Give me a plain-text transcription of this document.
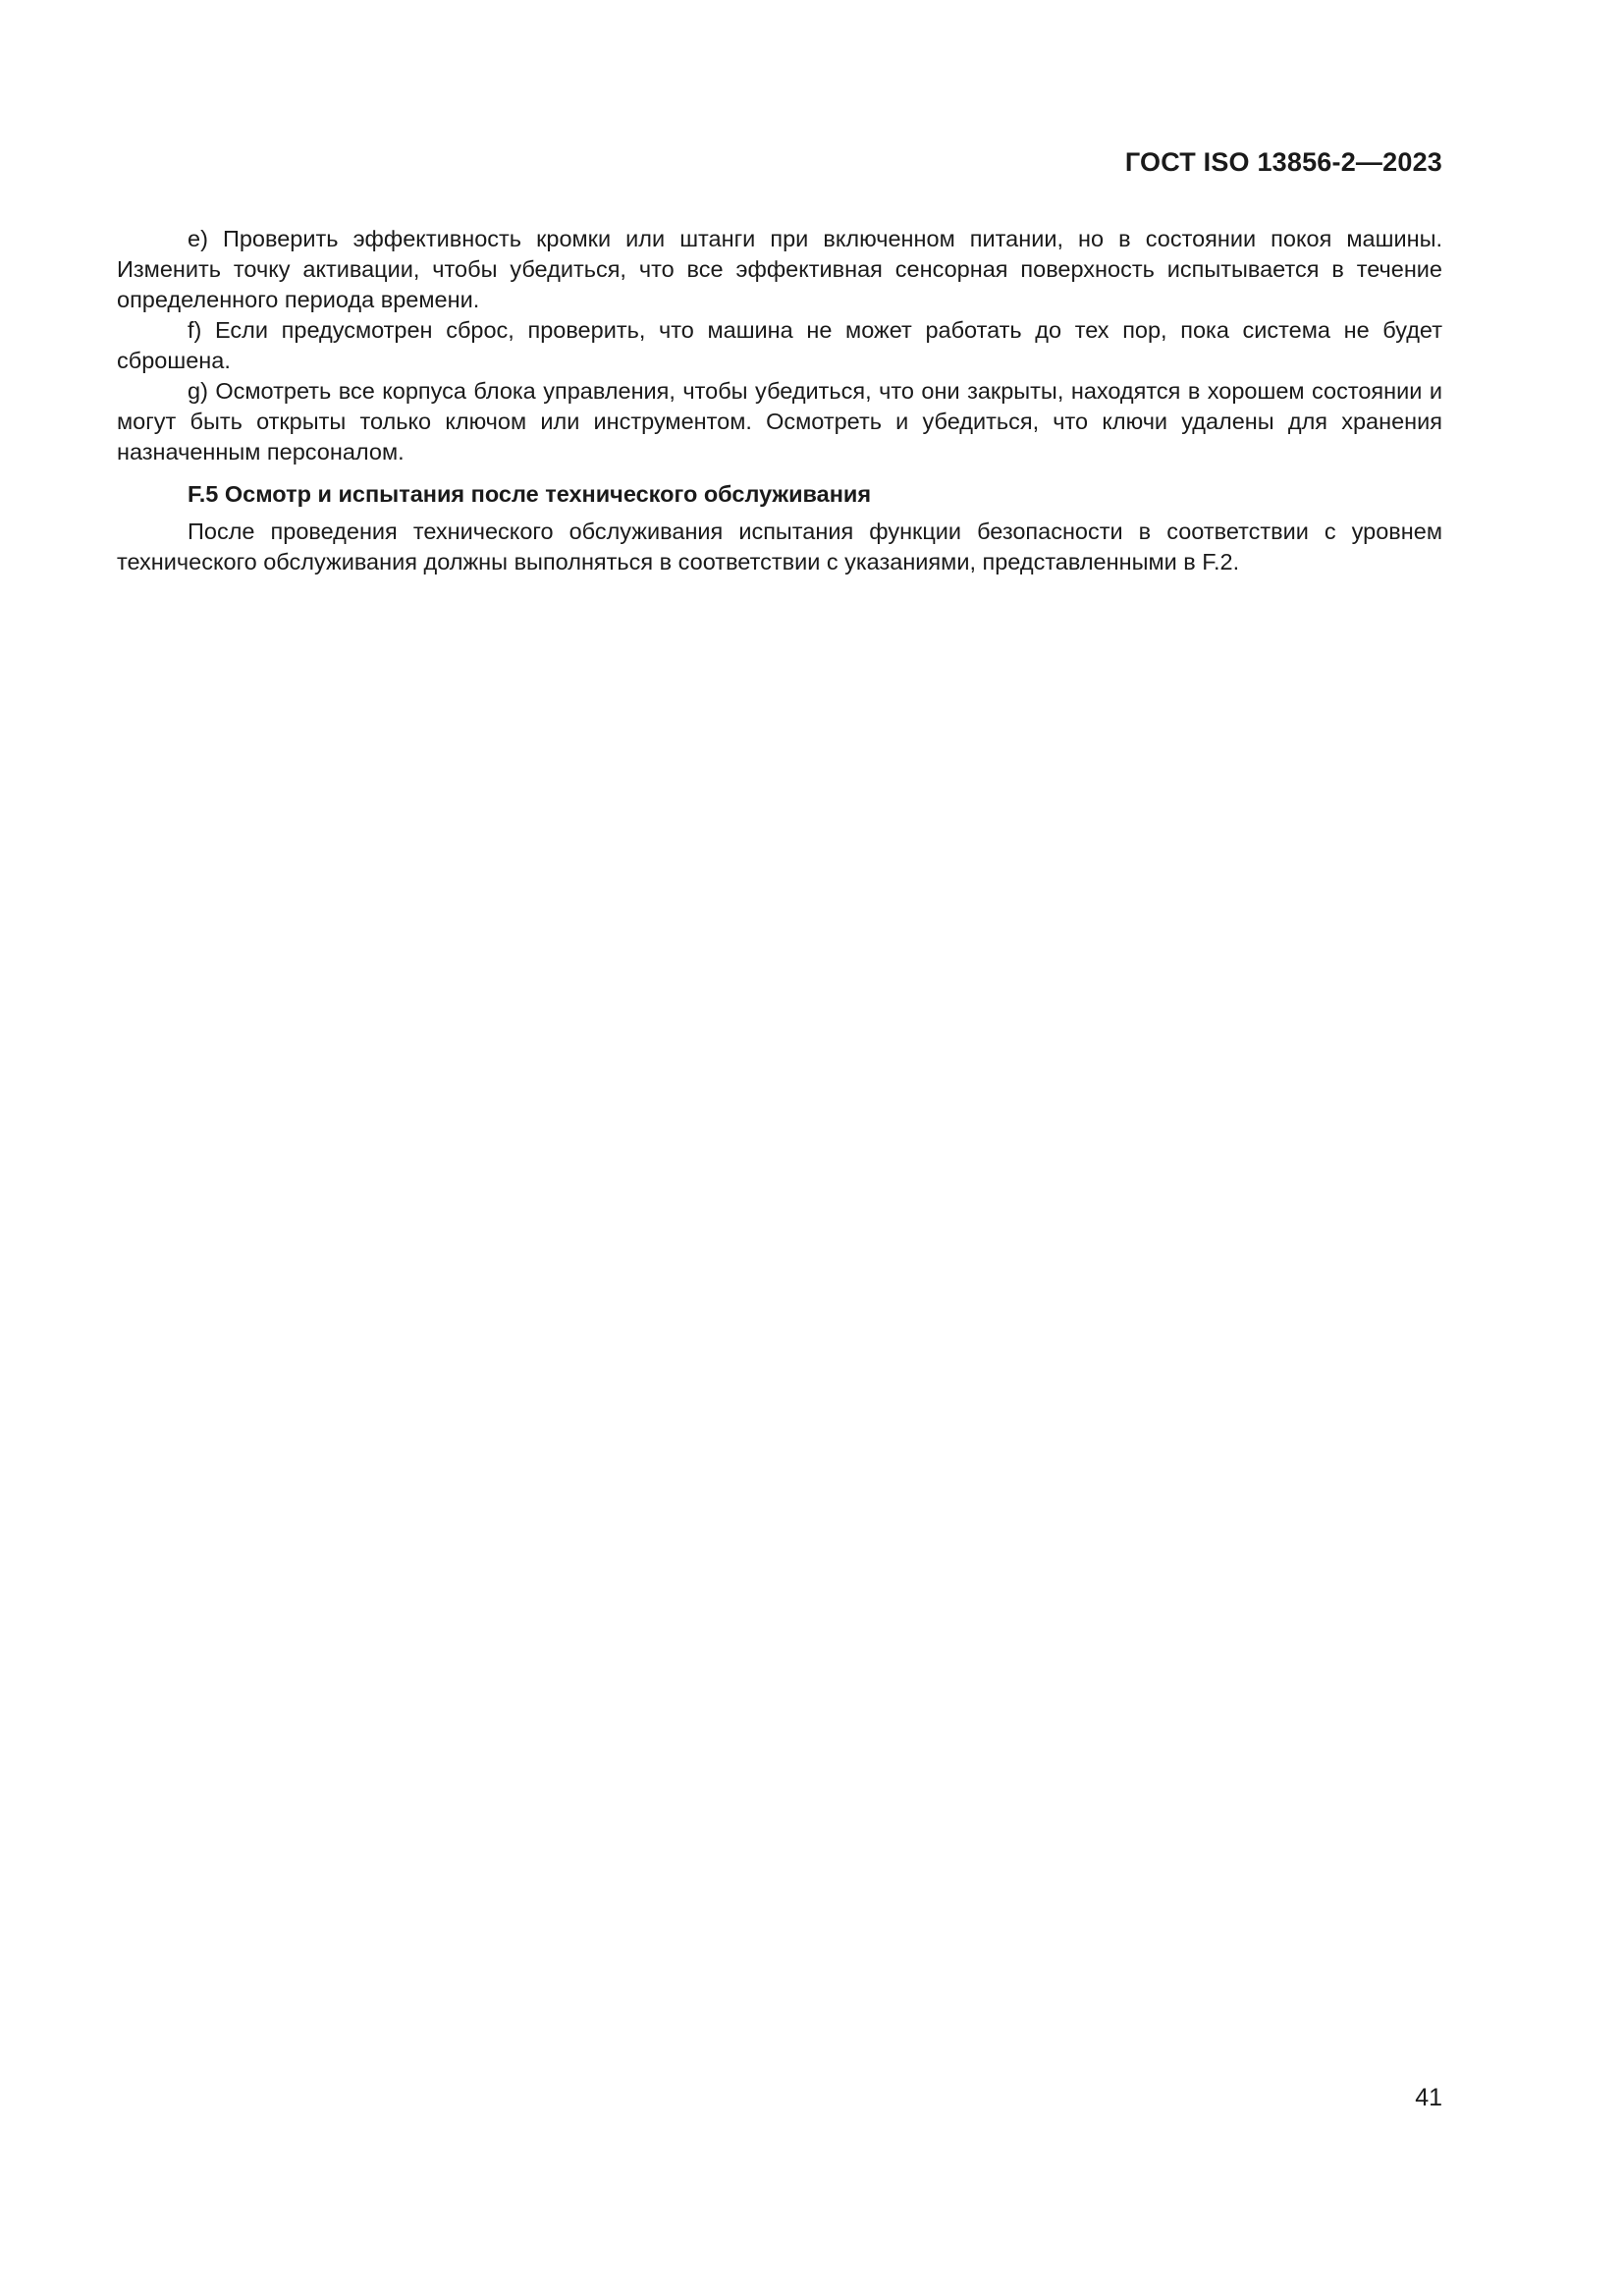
ГОСТ ISO 13856-2—2023

е) Проверить эффективность кромки или штанги при включенном питании, но в состоянии покоя машины. Изменить точку активации, чтобы убедиться, что все эффективная сенсорная поверхность испытывается в течение определенного периода времени.

f) Если предусмотрен сброс, проверить, что машина не может работать до тех пор, пока система не будет сброшена.

g) Осмотреть все корпуса блока управления, чтобы убедиться, что они закрыты, находятся в хорошем состоянии и могут быть открыты только ключом или инструментом. Осмотреть и убедиться, что ключи удалены для хранения назначенным персоналом.

F.5 Осмотр и испытания после технического обслуживания

После проведения технического обслуживания испытания функции безопасности в соответствии с уровнем технического обслуживания должны выполняться в соответствии с указаниями, представленными в F.2.

41
